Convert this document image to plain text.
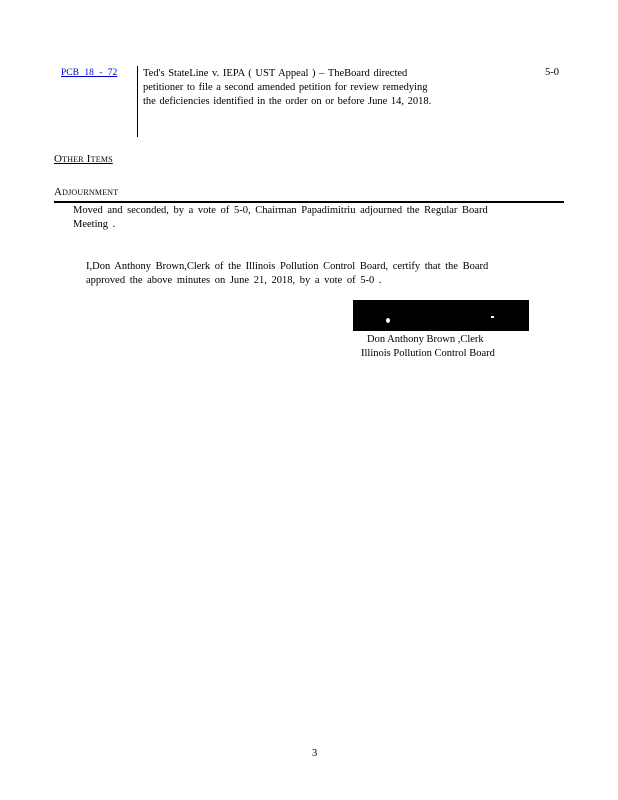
PCB 18 - 72 Ted's StateLine v. IEPA ( UST Appeal ) – TheBoard directed
petitioner to file a second amended petition for review remedying
the deficiencies identified in the order on or before June 14, 2018.
5-0
Other Items
Adjournment
Moved and seconded, by a vote of 5-0, Chairman Papadimitriu adjourned the Regular Board
Meeting .
I,Don Anthony Brown,Clerk of the Illinois Pollution Control Board, certify that the Board
approved the above minutes on June 21, 2018, by a vote of 5-0 .
Don Anthony Brown ,Clerk
Illinois Pollution Control Board
3
